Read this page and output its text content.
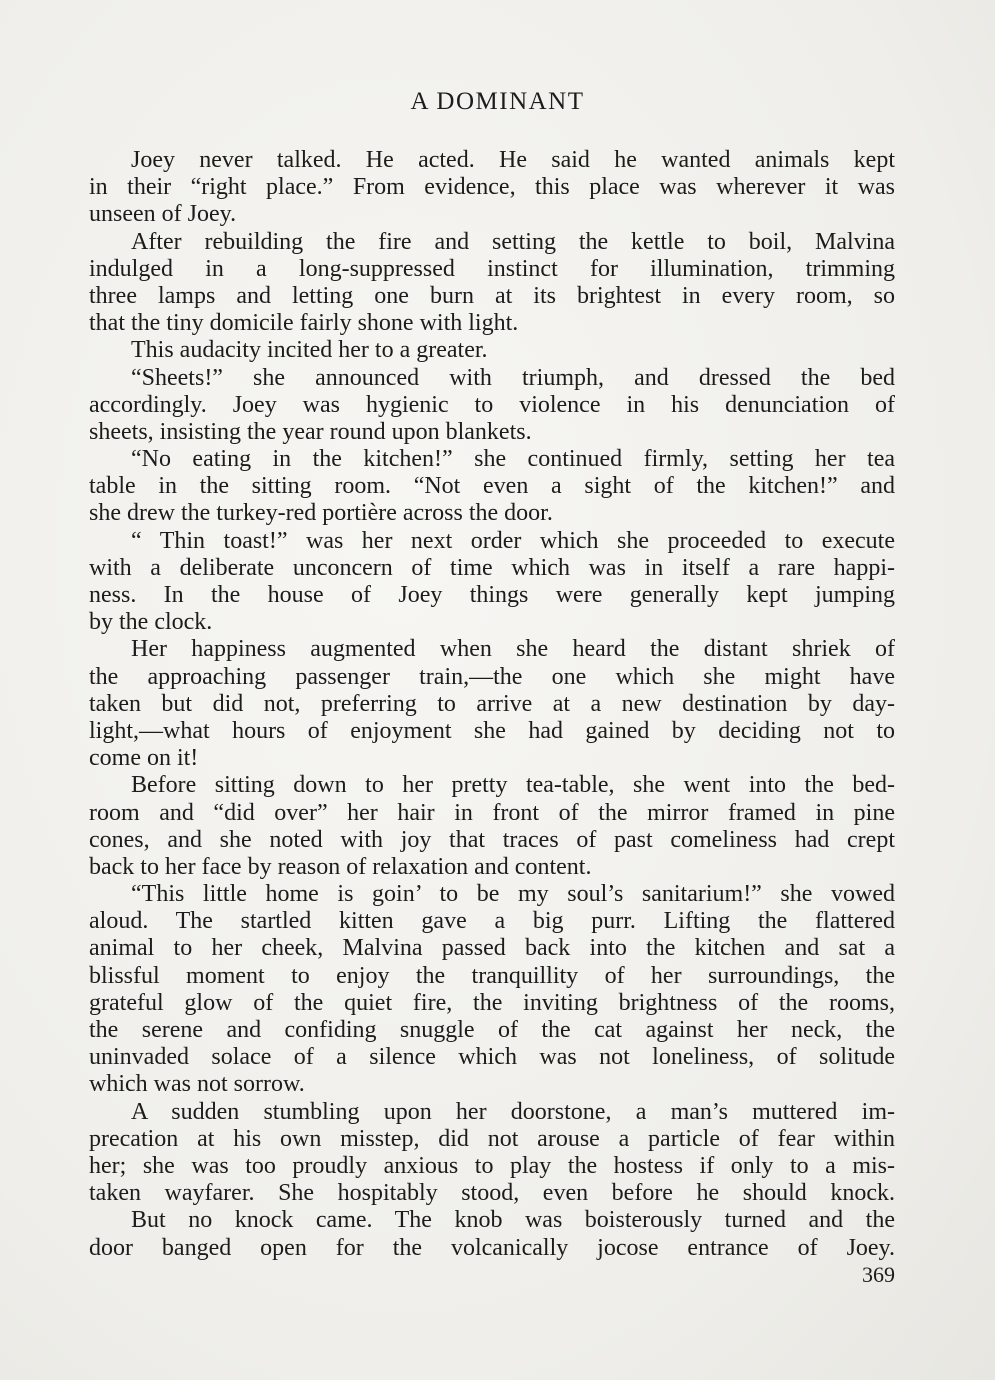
A DOMINANT
Joey never talked. He acted. He said he wanted animals kept
in their “right place.” From evidence, this place was wherever it was
unseen of Joey.
After rebuilding the fire and setting the kettle to boil, Malvina
indulged in a long-suppressed instinct for illumination, trimming
three lamps and letting one burn at its brightest in every room, so
that the tiny domicile fairly shone with light.
This audacity incited her to a greater.
“Sheets!” she announced with triumph, and dressed the bed
accordingly. Joey was hygienic to violence in his denunciation of
sheets, insisting the year round upon blankets.
“No eating in the kitchen!” she continued firmly, setting her tea
table in the sitting room. “Not even a sight of the kitchen!” and
she drew the turkey-red portière across the door.
“ Thin toast!” was her next order which she proceeded to execute
with a deliberate unconcern of time which was in itself a rare happi-
ness. In the house of Joey things were generally kept jumping
by the clock.
Her happiness augmented when she heard the distant shriek of
the approaching passenger train,—the one which she might have
taken but did not, preferring to arrive at a new destination by day-
light,—what hours of enjoyment she had gained by deciding not to
come on it!
Before sitting down to her pretty tea-table, she went into the bed-
room and “did over” her hair in front of the mirror framed in pine
cones, and she noted with joy that traces of past comeliness had crept
back to her face by reason of relaxation and content.
“This little home is goin’ to be my soul’s sanitarium!” she vowed
aloud. The startled kitten gave a big purr. Lifting the flattered
animal to her cheek, Malvina passed back into the kitchen and sat a
blissful moment to enjoy the tranquillity of her surroundings, the
grateful glow of the quiet fire, the inviting brightness of the rooms,
the serene and confiding snuggle of the cat against her neck, the
uninvaded solace of a silence which was not loneliness, of solitude
which was not sorrow.
A sudden stumbling upon her doorstone, a man’s muttered im-
precation at his own misstep, did not arouse a particle of fear within
her; she was too proudly anxious to play the hostess if only to a mis-
taken wayfarer. She hospitably stood, even before he should knock.
But no knock came. The knob was boisterously turned and the
door banged open for the volcanically jocose entrance of Joey.
369
